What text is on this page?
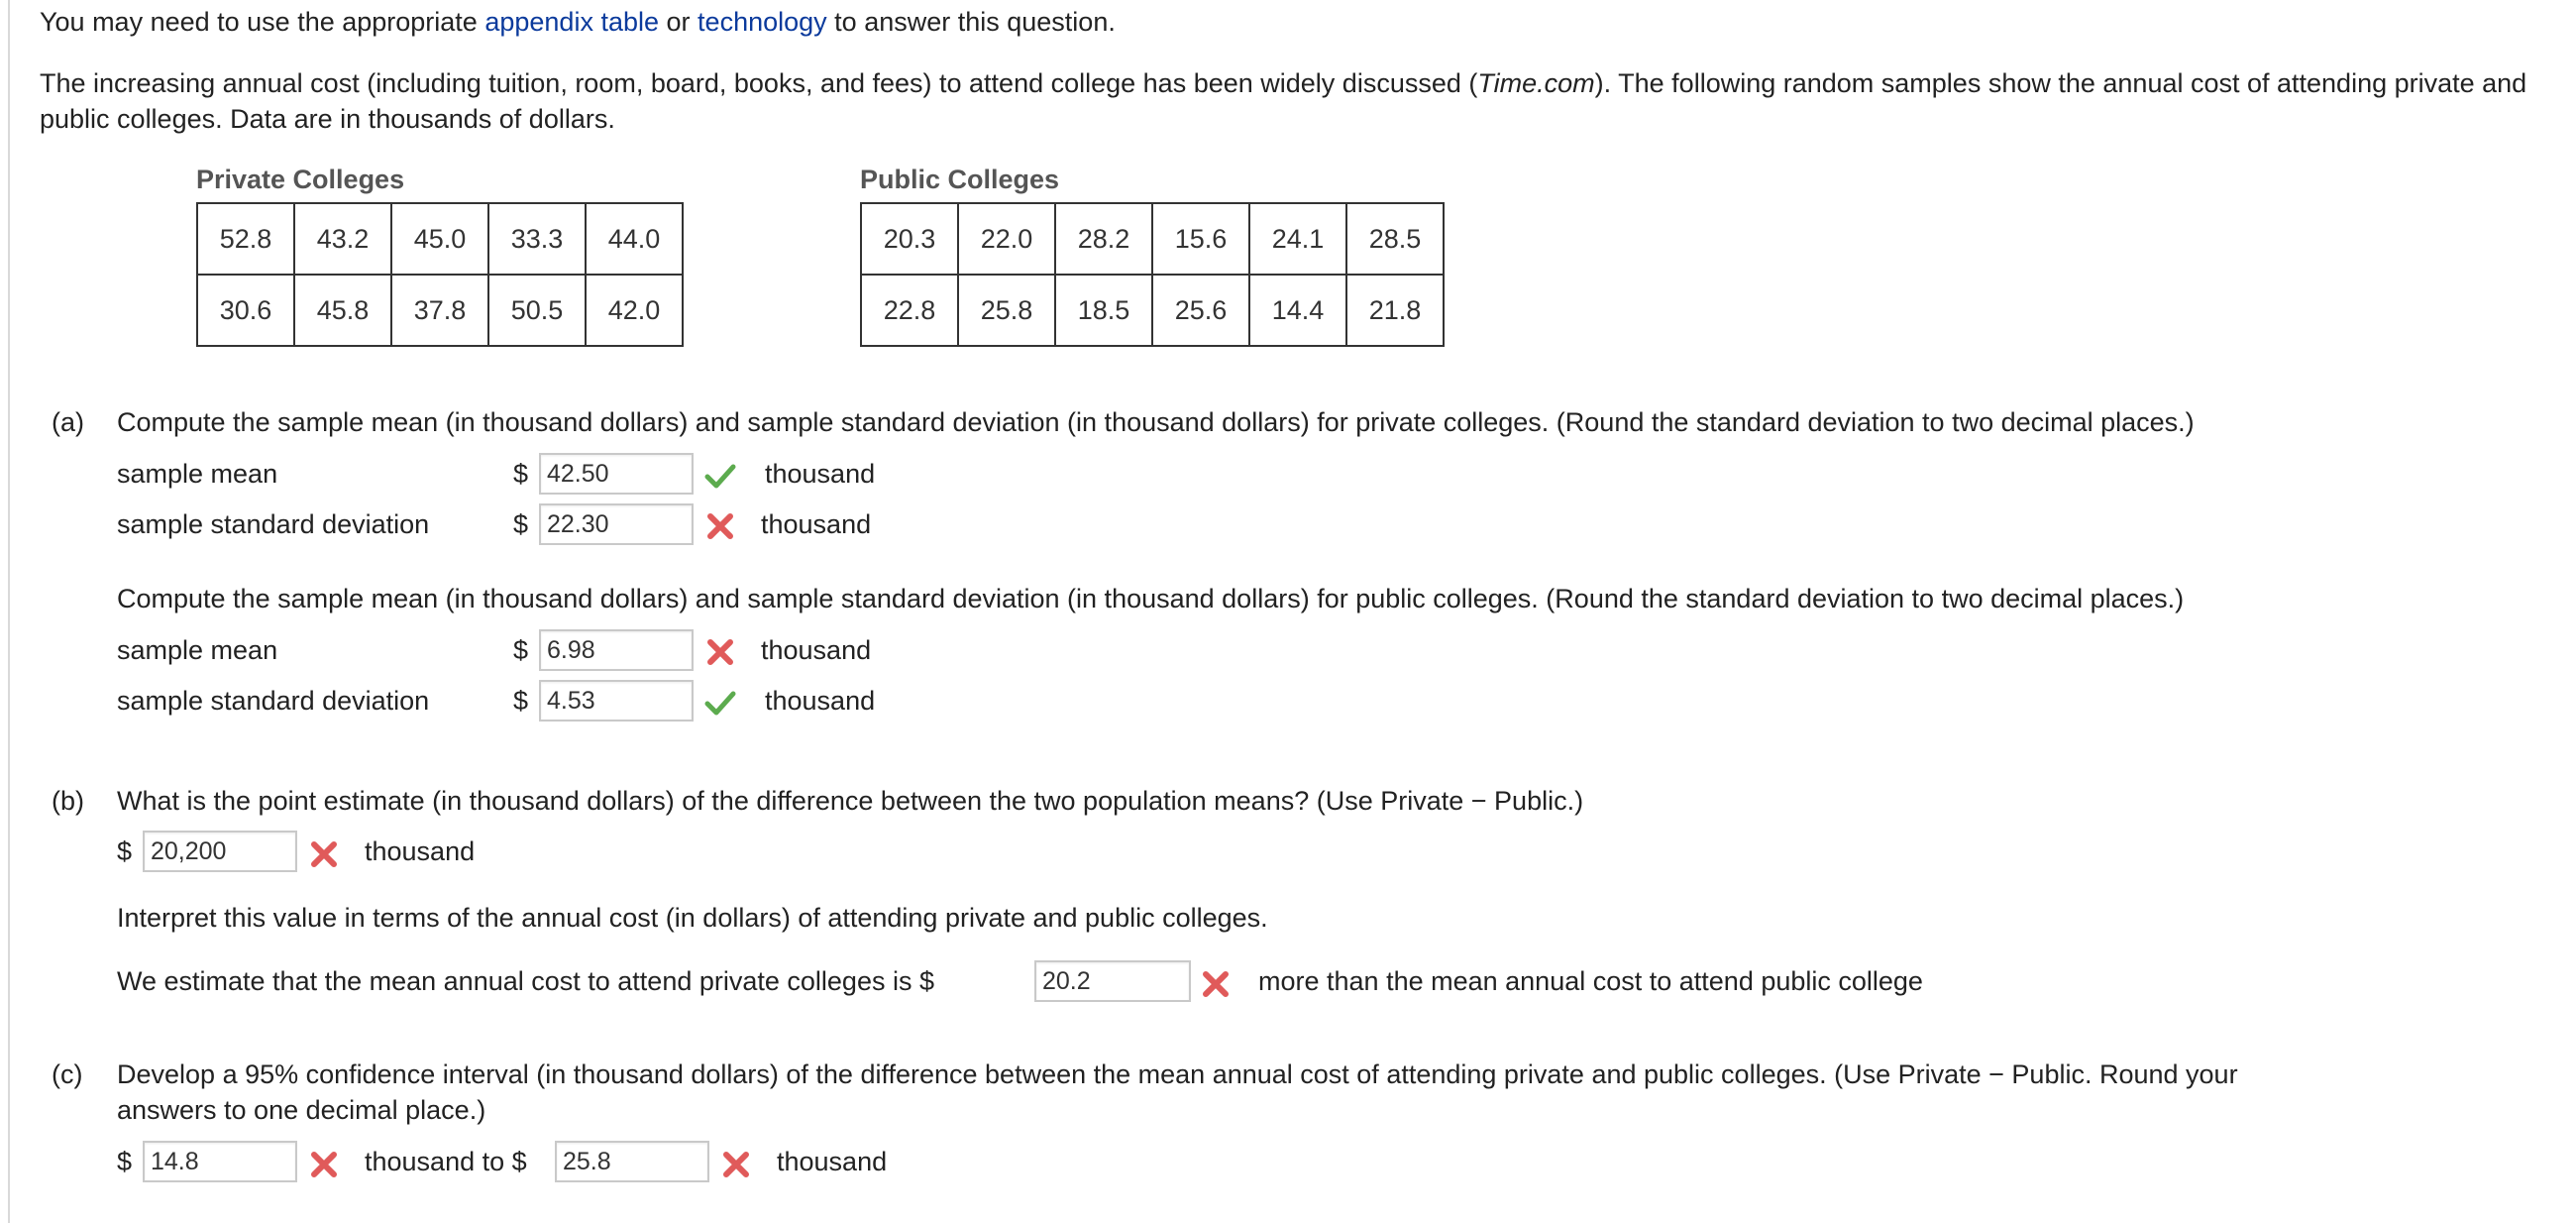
You may need to use the appropriate appendix table or technology to answer this question.
The increasing annual cost (including tuition, room, board, books, and fees) to attend college has been widely discussed (Time.com). The following random samples show the annual cost of attending private and public colleges. Data are in thousands of dollars.
Private Colleges
52.8	43.2	45.0	33.3	44.0
30.6	45.8	37.8	50.5	42.0
Public Colleges
20.3	22.0	28.2	15.6	24.1	28.5
22.8	25.8	18.5	25.6	14.4	21.8
(a) Compute the sample mean (in thousand dollars) and sample standard deviation (in thousand dollars) for private colleges. (Round the standard deviation to two decimal places.)
sample mean	$
42.50	thousand
sample standard deviation	$
22.30	thousand
Compute the sample mean (in thousand dollars) and sample standard deviation (in thousand dollars) for public colleges. (Round the standard deviation to two decimal places.)
sample mean	$
6.98	thousand
sample standard deviation	$
4.53	thousand
(b) What is the point estimate (in thousand dollars) of the difference between the two population means? (Use Private − Public.)
$
20,200	thousand
Interpret this value in terms of the annual cost (in dollars) of attending private and public colleges.
We estimate that the mean annual cost to attend private colleges is $
20.2	more than the mean annual cost to attend public college
(c) Develop a 95% confidence interval (in thousand dollars) of the difference between the mean annual cost of attending private and public colleges. (Use Private − Public. Round your
answers to one decimal place.)
$
14.8	thousand to $
25.8	thousand
